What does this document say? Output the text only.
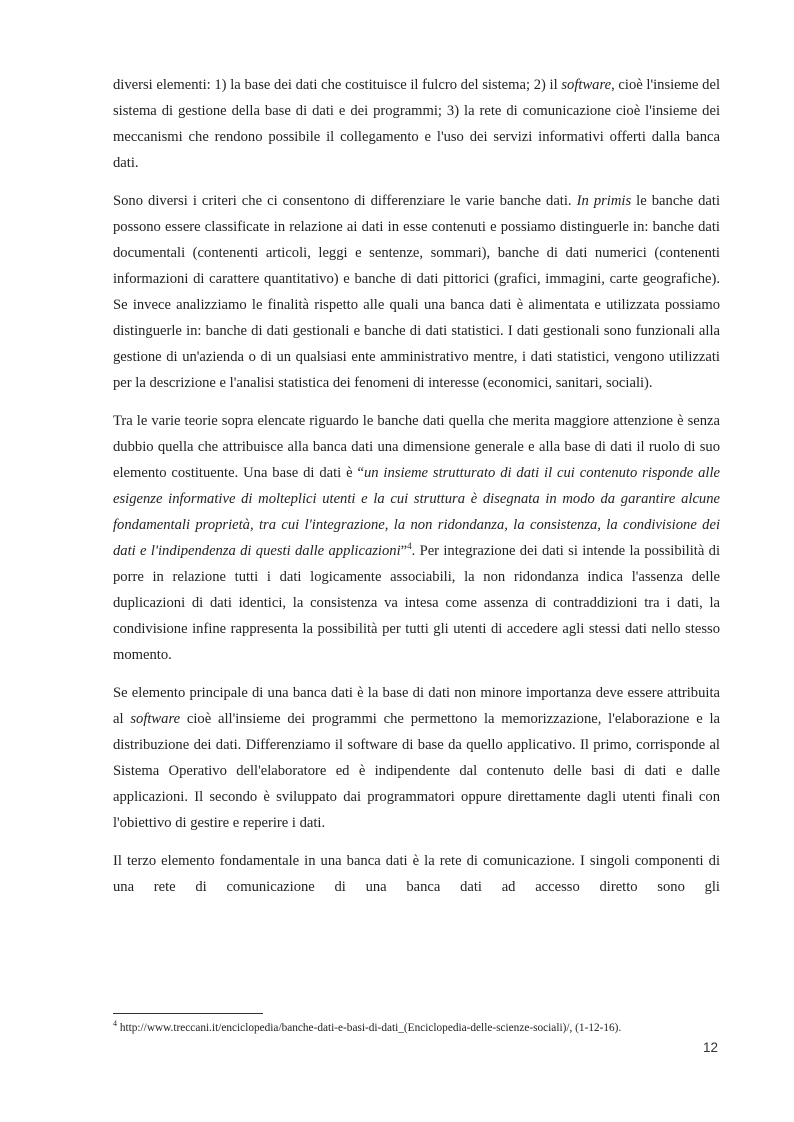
diversi elementi: 1) la base dei dati che costituisce il fulcro del sistema; 2) il software, cioè l'insieme del sistema di gestione della base di dati e dei programmi; 3) la rete di comunicazione cioè l'insieme dei meccanismi che rendono possibile il collegamento e l'uso dei servizi informativi offerti dalla banca dati.

Sono diversi i criteri che ci consentono di differenziare le varie banche dati. In primis le banche dati possono essere classificate in relazione ai dati in esse contenuti e possiamo distinguerle in: banche dati documentali (contenenti articoli, leggi e sentenze, sommari), banche di dati numerici (contenenti informazioni di carattere quantitativo) e banche di dati pittorici (grafici, immagini, carte geografiche). Se invece analizziamo le finalità rispetto alle quali una banca dati è alimentata e utilizzata possiamo distinguerle in: banche di dati gestionali e banche di dati statistici. I dati gestionali sono funzionali alla gestione di un'azienda o di un qualsiasi ente amministrativo mentre, i dati statistici, vengono utilizzati per la descrizione e l'analisi statistica dei fenomeni di interesse (economici, sanitari, sociali).

Tra le varie teorie sopra elencate riguardo le banche dati quella che merita maggiore attenzione è senza dubbio quella che attribuisce alla banca dati una dimensione generale e alla base di dati il ruolo di suo elemento costituente. Una base di dati è “un insieme strutturato di dati il cui contenuto risponde alle esigenze informative di molteplici utenti e la cui struttura è disegnata in modo da garantire alcune fondamentali proprietà, tra cui l'integrazione, la non ridondanza, la consistenza, la condivisione dei dati e l'indipendenza di questi dalle applicazioni”$^4$. Per integrazione dei dati si intende la possibilità di porre in relazione tutti i dati logicamente associabili, la non ridondanza indica l'assenza delle duplicazioni di dati identici, la consistenza va intesa come assenza di contraddizioni tra i dati, la condivisione infine rappresenta la possibilità per tutti gli utenti di accedere agli stessi dati nello stesso momento.

Se elemento principale di una banca dati è la base di dati non minore importanza deve essere attribuita al software cioè all'insieme dei programmi che permettono la memorizzazione, l'elaborazione e la distribuzione dei dati. Differenziamo il software di base da quello applicativo. Il primo, corrisponde al Sistema Operativo dell'elaboratore ed è indipendente dal contenuto delle basi di dati e dalle applicazioni. Il secondo è sviluppato dai programmatori oppure direttamente dagli utenti finali con l'obiettivo di gestire e reperire i dati.

Il terzo elemento fondamentale in una banca dati è la rete di comunicazione. I singoli componenti di una rete di comunicazione di una banca dati ad accesso diretto sono gli

$^4$ http://www.treccani.it/enciclopedia/banche-dati-e-basi-di-dati_(Enciclopedia-delle-scienze-sociali)/, (1-12-16).
12
